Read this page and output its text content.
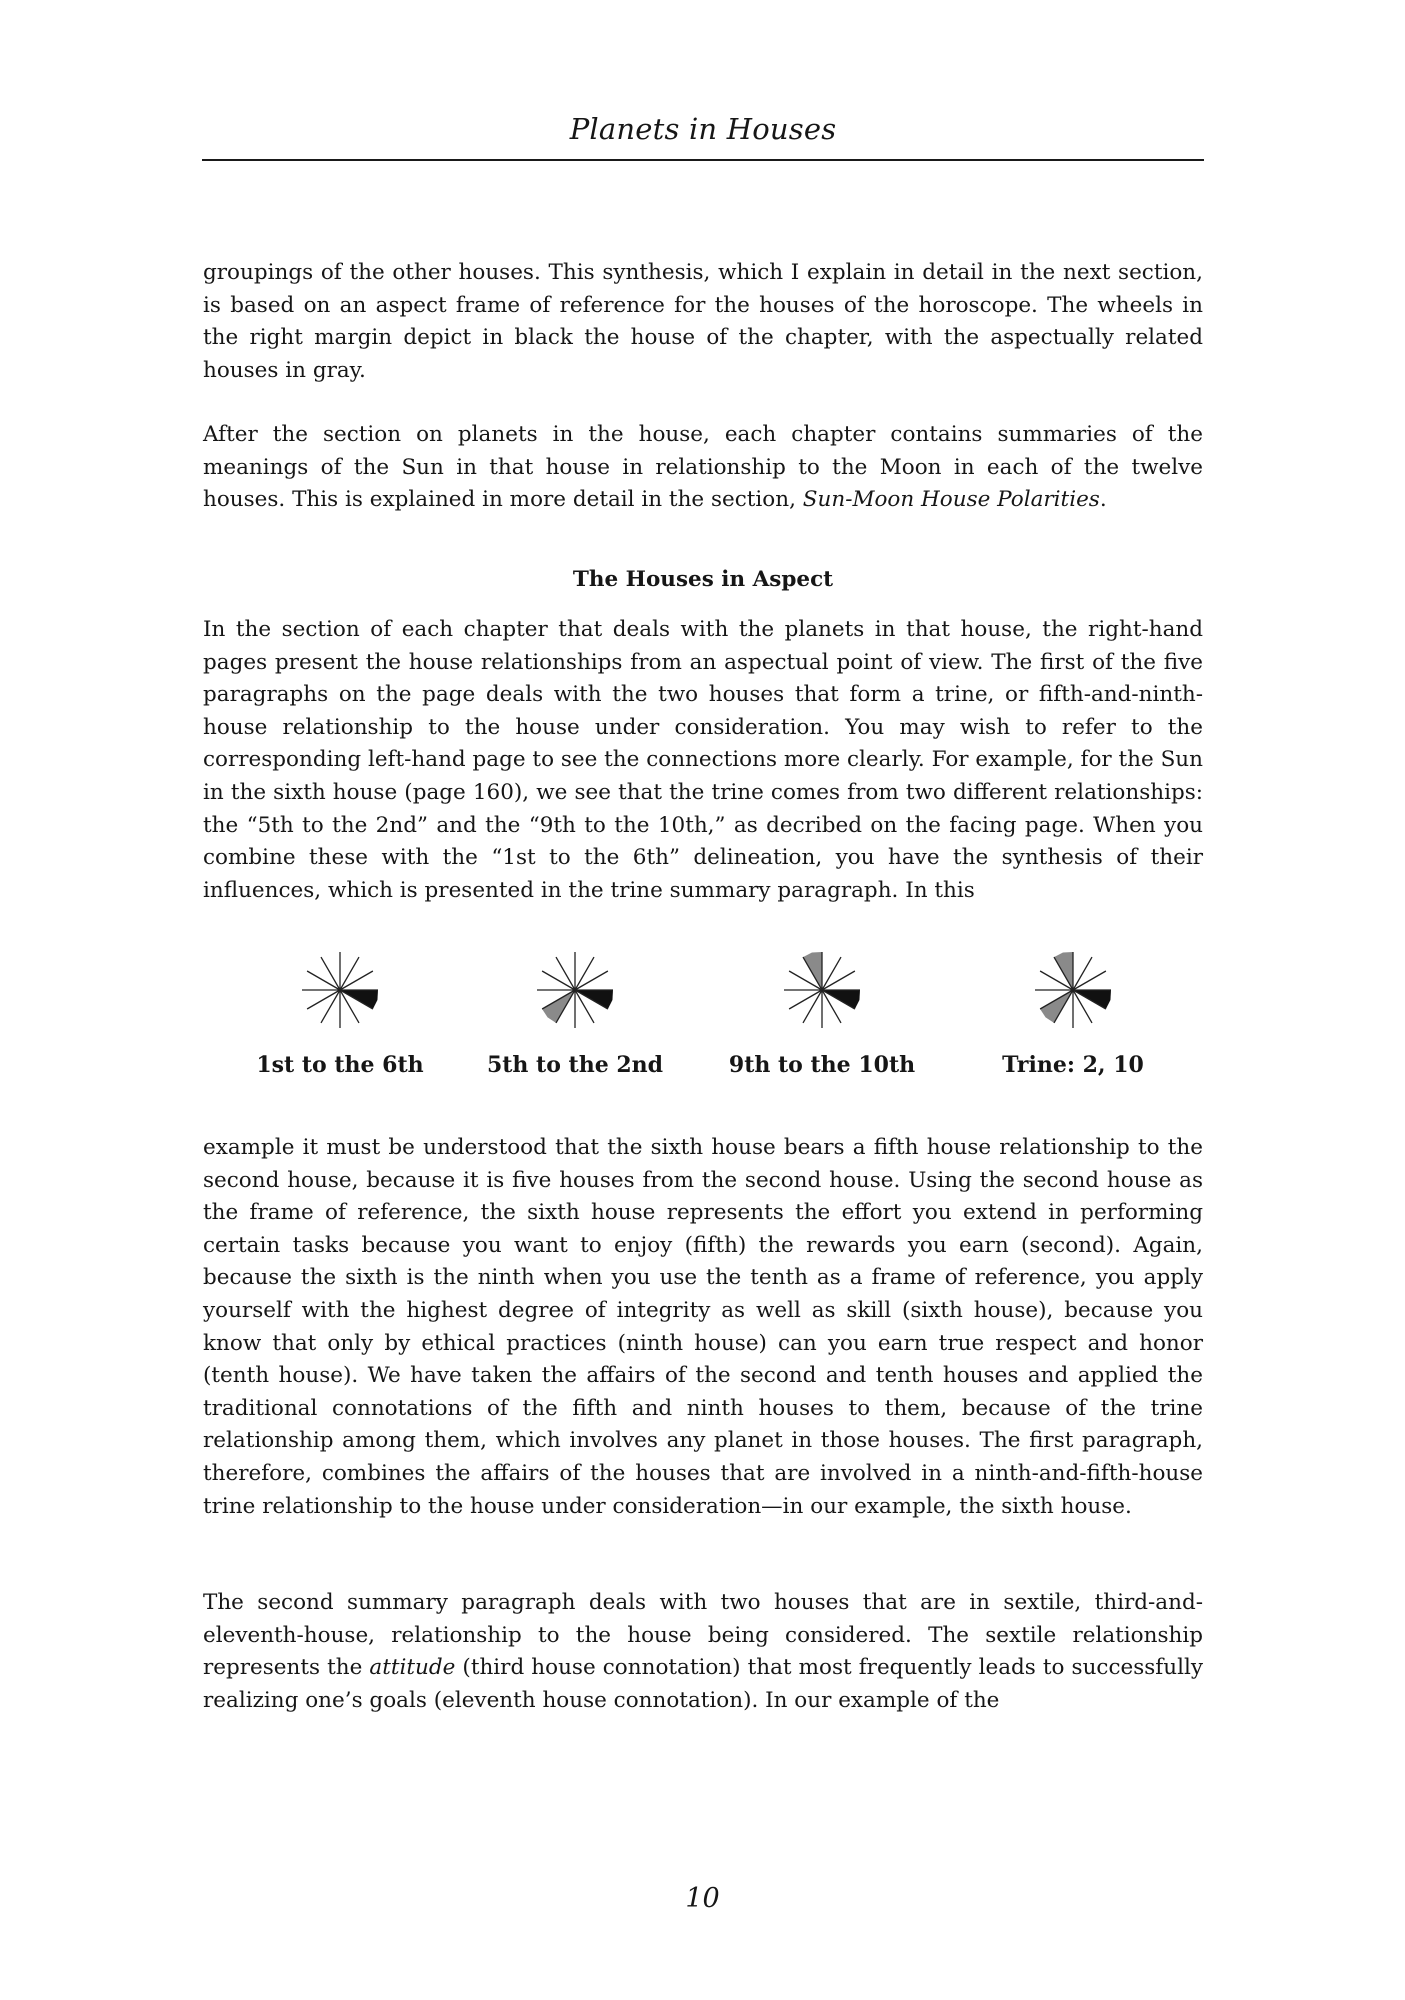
Planets in Houses

groupings of the other houses. This synthesis, which I explain in detail in the next section, is based on an aspect frame of reference for the houses of the horoscope. The wheels in the right margin depict in black the house of the chapter, with the aspectually related houses in gray.

After the section on planets in the house, each chapter contains summaries of the meanings of the Sun in that house in relationship to the Moon in each of the twelve houses. This is explained in more detail in the section, Sun-Moon House Polarities.

The Houses in Aspect

In the section of each chapter that deals with the planets in that house, the right-hand pages present the house relationships from an aspectual point of view. The first of the five paragraphs on the page deals with the two houses that form a trine, or fifth-and-ninth-house relationship to the house under consideration. You may wish to refer to the corresponding left-hand page to see the connections more clearly. For example, for the Sun in the sixth house (page 160), we see that the trine comes from two different relationships: the “5th to the 2nd” and the “9th to the 10th,” as decribed on the facing page. When you combine these with the “1st to the 6th” delineation, you have the synthesis of their influences, which is presented in the trine summary paragraph. In this

1st to the 6th	5th to the 2nd	9th to the 10th	Trine: 2, 10

example it must be understood that the sixth house bears a fifth house relationship to the second house, because it is five houses from the second house. Using the second house as the frame of reference, the sixth house represents the effort you extend in performing certain tasks because you want to enjoy (fifth) the rewards you earn (second). Again, because the sixth is the ninth when you use the tenth as a frame of reference, you apply yourself with the highest degree of integrity as well as skill (sixth house), because you know that only by ethical practices (ninth house) can you earn true respect and honor (tenth house). We have taken the affairs of the second and tenth houses and applied the traditional connotations of the fifth and ninth houses to them, because of the trine relationship among them, which involves any planet in those houses. The first paragraph, therefore, combines the affairs of the houses that are involved in a ninth-and-fifth-house trine relationship to the house under consideration—in our example, the sixth house.

The second summary paragraph deals with two houses that are in sextile, third-and-eleventh-house, relationship to the house being considered. The sextile relationship represents the attitude (third house connotation) that most frequently leads to successfully realizing one’s goals (eleventh house connotation). In our example of the

10
